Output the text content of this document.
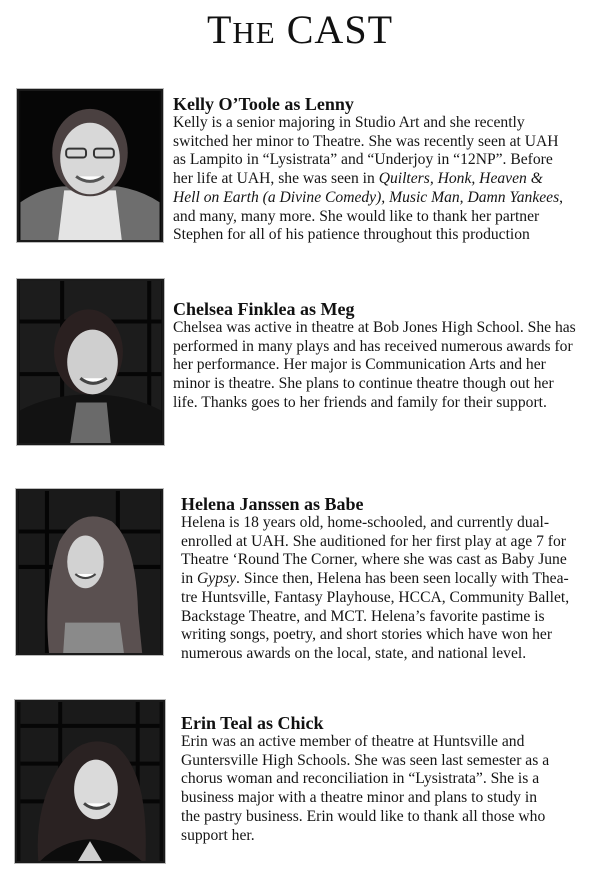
THE CAST

Kelly O’Toole as Lenny

Kelly is a senior majoring in Studio Art and she recently
switched her minor to Theatre. She was recently seen at UAH
as Lampito in “Lysistrata” and “Underjoy in “12NP”. Before
her life at UAH, she was seen in Quilters, Honk, Heaven &
Hell on Earth (a Divine Comedy), Music Man, Damn Yankees,
and many, many more. She would like to thank her partner
Stephen for all of his patience throughout this production

Chelsea Finklea as Meg

Chelsea was active in theatre at Bob Jones High School. She has
performed in many plays and has received numerous awards for
her performance. Her major is Communication Arts and her
minor is theatre. She plans to continue theatre though out her
life. Thanks goes to her friends and family for their support.

Helena Janssen as Babe

Helena is 18 years old, home-schooled, and currently dual-
enrolled at UAH. She auditioned for her first play at age 7 for
Theatre ‘Round The Corner, where she was cast as Baby June
in Gypsy. Since then, Helena has been seen locally with Thea-
tre Huntsville, Fantasy Playhouse, HCCA, Community Ballet,
Backstage Theatre, and MCT. Helena’s favorite pastime is
writing songs, poetry, and short stories which have won her
numerous awards on the local, state, and national level.

Erin Teal as Chick

Erin was an active member of theatre at Huntsville and
Guntersville High Schools. She was seen last semester as a
chorus woman and reconciliation in “Lysistrata”. She is a
business major with a theatre minor and plans to study in
the pastry business. Erin would like to thank all those who
support her.
